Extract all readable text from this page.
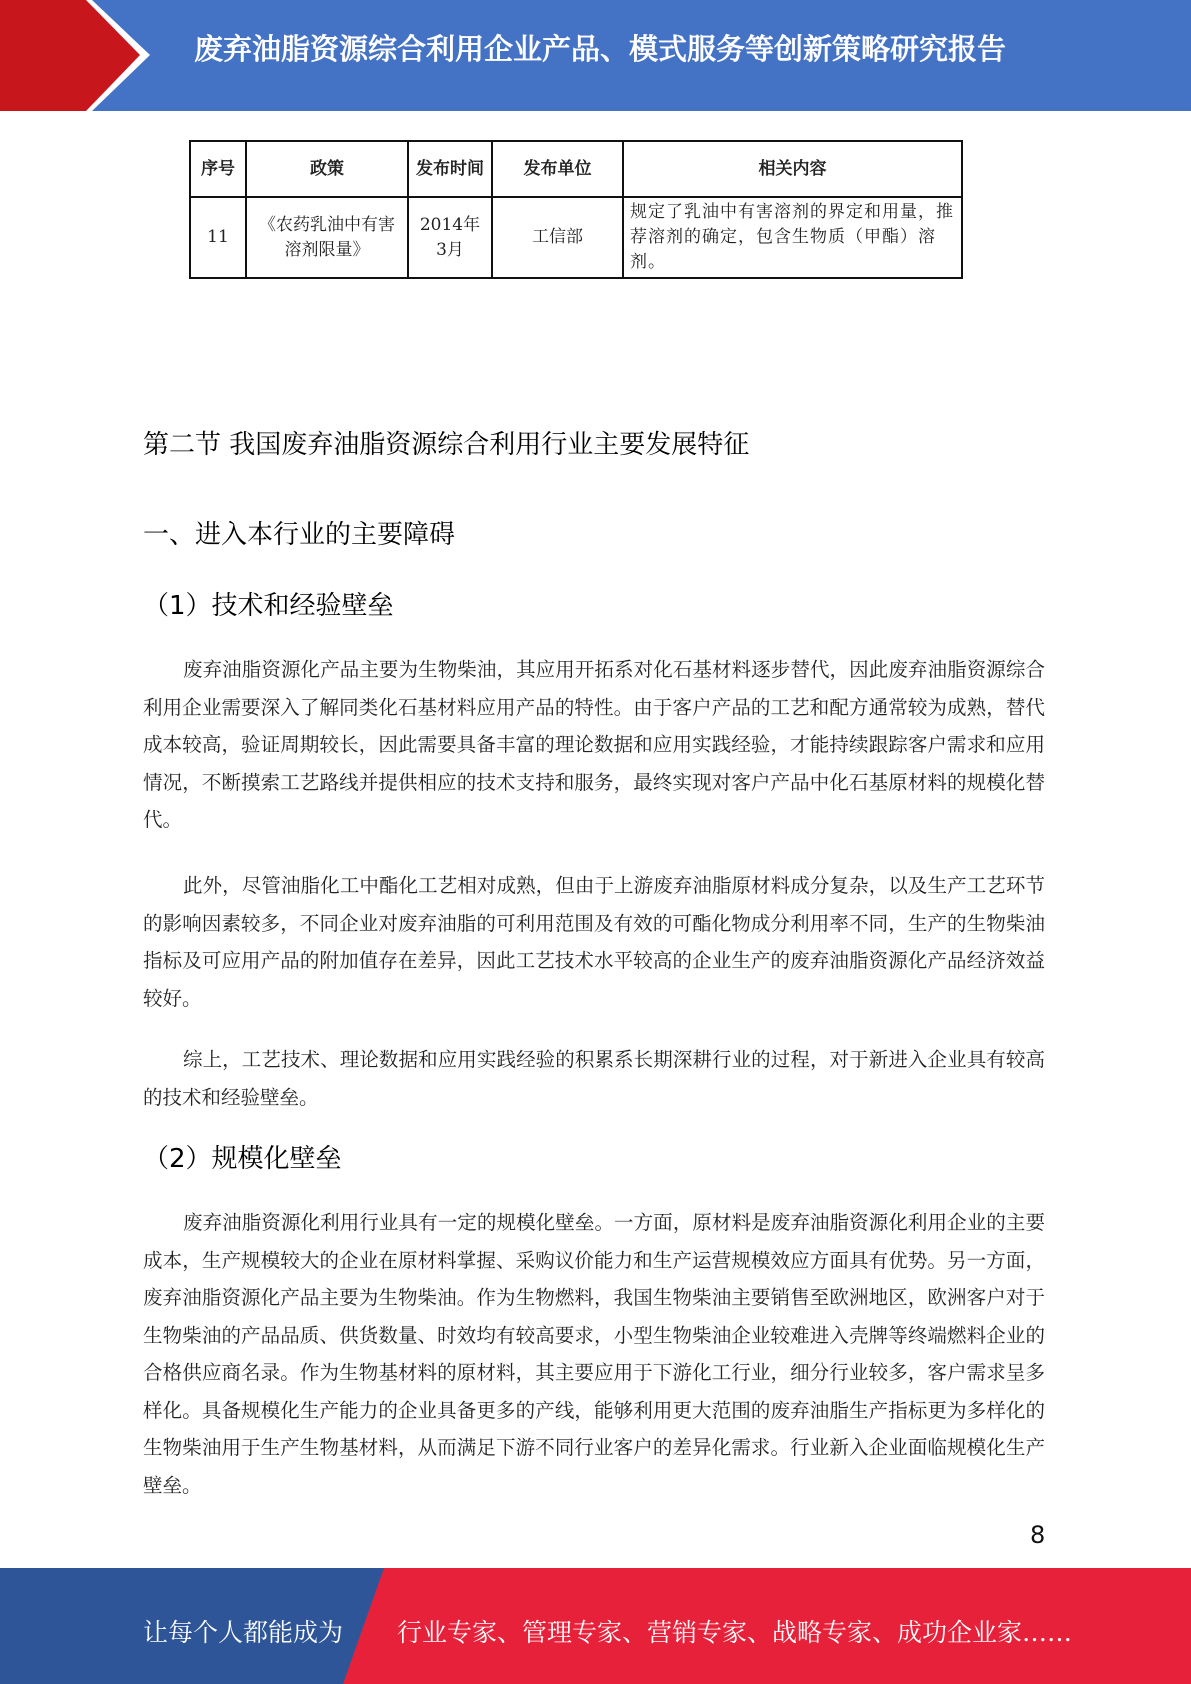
废弃油脂资源综合利用企业产品、模式服务等创新策略研究报告
序号	政策	发布时间	发布单位	相关内容
11	《农药乳油中有害溶剂限量》	2014年3月	工信部	规定了乳油中有害溶剂的界定和用量，推荐溶剂的确定，包含生物质（甲酯）溶剂。
第二节 我国废弃油脂资源综合利用行业主要发展特征
一、进入本行业的主要障碍
（1）技术和经验壁垒

废弃油脂资源化产品主要为生物柴油，其应用开拓系对化石基材料逐步替代，因此废弃油脂资源综合利用企业需要深入了解同类化石基材料应用产品的特性。由于客户产品的工艺和配方通常较为成熟，替代成本较高，验证周期较长，因此需要具备丰富的理论数据和应用实践经验，才能持续跟踪客户需求和应用情况，不断摸索工艺路线并提供相应的技术支持和服务，最终实现对客户产品中化石基原材料的规模化替代。

此外，尽管油脂化工中酯化工艺相对成熟，但由于上游废弃油脂原材料成分复杂，以及生产工艺环节的影响因素较多，不同企业对废弃油脂的可利用范围及有效的可酯化物成分利用率不同，生产的生物柴油指标及可应用产品的附加值存在差异，因此工艺技术水平较高的企业生产的废弃油脂资源化产品经济效益较好。

综上，工艺技术、理论数据和应用实践经验的积累系长期深耕行业的过程，对于新进入企业具有较高的技术和经验壁垒。

（2）规模化壁垒

废弃油脂资源化利用行业具有一定的规模化壁垒。一方面，原材料是废弃油脂资源化利用企业的主要成本，生产规模较大的企业在原材料掌握、采购议价能力和生产运营规模效应方面具有优势。另一方面，废弃油脂资源化产品主要为生物柴油。作为生物燃料，我国生物柴油主要销售至欧洲地区，欧洲客户对于生物柴油的产品品质、供货数量、时效均有较高要求，小型生物柴油企业较难进入壳牌等终端燃料企业的合格供应商名录。作为生物基材料的原材料，其主要应用于下游化工行业，细分行业较多，客户需求呈多样化。具备规模化生产能力的企业具备更多的产线，能够利用更大范围的废弃油脂生产指标更为多样化的生物柴油用于生产生物基材料，从而满足下游不同行业客户的差异化需求。行业新入企业面临规模化生产壁垒。

8
让每个人都能成为 行业专家、管理专家、营销专家、战略专家、成功企业家……
